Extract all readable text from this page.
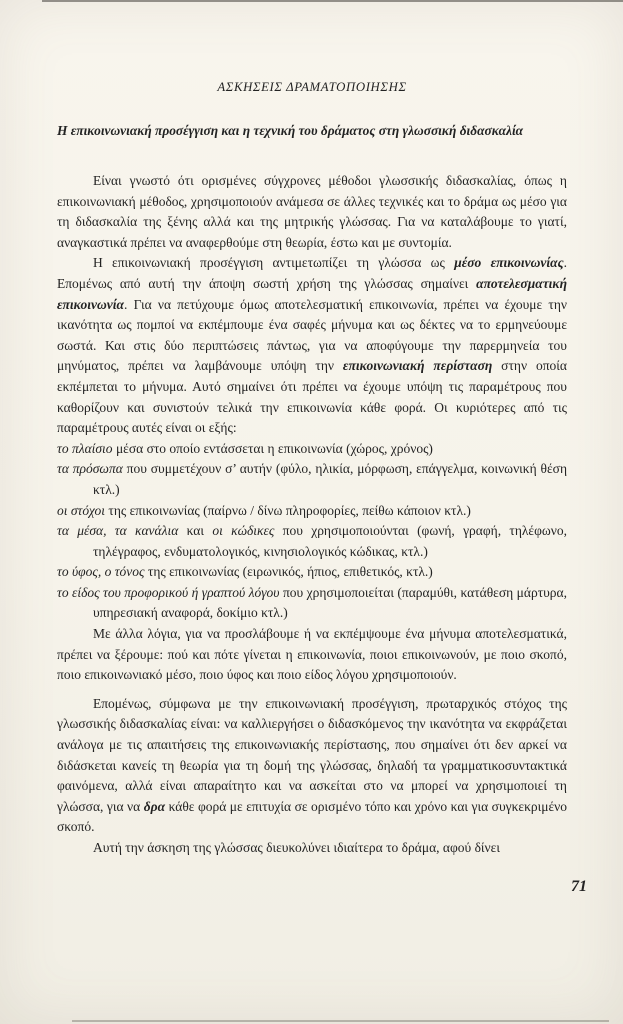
ΑΣΚΗΣΕΙΣ ΔΡΑΜΑΤΟΠΟΙΗΣΗΣ
Η επικοινωνιακή προσέγγιση και η τεχνική του δράματος στη γλωσσική διδασκαλία

Είναι γνωστό ότι ορισμένες σύγχρονες μέθοδοι γλωσσικής διδασκαλίας, όπως η επικοινωνιακή μέθοδος, χρησιμοποιούν ανάμεσα σε άλλες τεχνικές και το δράμα ως μέσο για τη διδασκαλία της ξένης αλλά και της μητρικής γλώσσας. Για να καταλάβουμε το γιατί, αναγκαστικά πρέπει να αναφερθούμε στη θεωρία, έστω και με συντομία.

Η επικοινωνιακή προσέγγιση αντιμετωπίζει τη γλώσσα ως μέσο επικοινωνίας. Επομένως από αυτή την άποψη σωστή χρήση της γλώσσας σημαίνει αποτελεσματική επικοινωνία. Για να πετύχουμε όμως αποτελεσματική επικοινωνία, πρέπει να έχουμε την ικανότητα ως πομποί να εκπέμπουμε ένα σαφές μήνυμα και ως δέκτες να το ερμηνεύουμε σωστά. Και στις δύο περιπτώσεις πάντως, για να αποφύγουμε την παρερμηνεία του μηνύματος, πρέπει να λαμβάνουμε υπόψη την επικοινωνιακή περίσταση στην οποία εκπέμπεται το μήνυμα. Αυτό σημαίνει ότι πρέπει να έχουμε υπόψη τις παραμέτρους που καθορίζουν και συνιστούν τελικά την επικοινωνία κάθε φορά. Οι κυριότερες από τις παραμέτρους αυτές είναι οι εξής:

το πλαίσιο μέσα στο οποίο εντάσσεται η επικοινωνία (χώρος, χρόνος)

τα πρόσωπα που συμμετέχουν σ’ αυτήν (φύλο, ηλικία, μόρφωση, επάγγελμα, κοινωνική θέση κτλ.)

οι στόχοι της επικοινωνίας (παίρνω / δίνω πληροφορίες, πείθω κάποιον κτλ.)

τα μέσα, τα κανάλια και οι κώδικες που χρησιμοποιούνται (φωνή, γραφή, τηλέφωνο, τηλέγραφος, ενδυματολογικός, κινησιολογικός κώδικας, κτλ.)

το ύφος, ο τόνος της επικοινωνίας (ειρωνικός, ήπιος, επιθετικός, κτλ.)

το είδος του προφορικού ή γραπτού λόγου που χρησιμοποιείται (παραμύθι, κατάθεση μάρτυρα, υπηρεσιακή αναφορά, δοκίμιο κτλ.)

Με άλλα λόγια, για να προσλάβουμε ή να εκπέμψουμε ένα μήνυμα αποτελεσματικά, πρέπει να ξέρουμε: πού και πότε γίνεται η επικοινωνία, ποιοι επικοινωνούν, με ποιο σκοπό, ποιο επικοινωνιακό μέσο, ποιο ύφος και ποιο είδος λόγου χρησιμοποιούν.

Επομένως, σύμφωνα με την επικοινωνιακή προσέγγιση, πρωταρχικός στόχος της γλωσσικής διδασκαλίας είναι: να καλλιεργήσει ο διδασκόμενος την ικανότητα να εκφράζεται ανάλογα με τις απαιτήσεις της επικοινωνιακής περίστασης, που σημαίνει ότι δεν αρκεί να διδάσκεται κανείς τη θεωρία για τη δομή της γλώσσας, δηλαδή τα γραμματικοσυντακτικά φαινόμενα, αλλά είναι απαραίτητο και να ασκείται στο να μπορεί να χρησιμοποιεί τη γλώσσα, για να δρα κάθε φορά με επιτυχία σε ορισμένο τόπο και χρόνο και για συγκεκριμένο σκοπό.

Αυτή την άσκηση της γλώσσας διευκολύνει ιδιαίτερα το δράμα, αφού δίνει

71
